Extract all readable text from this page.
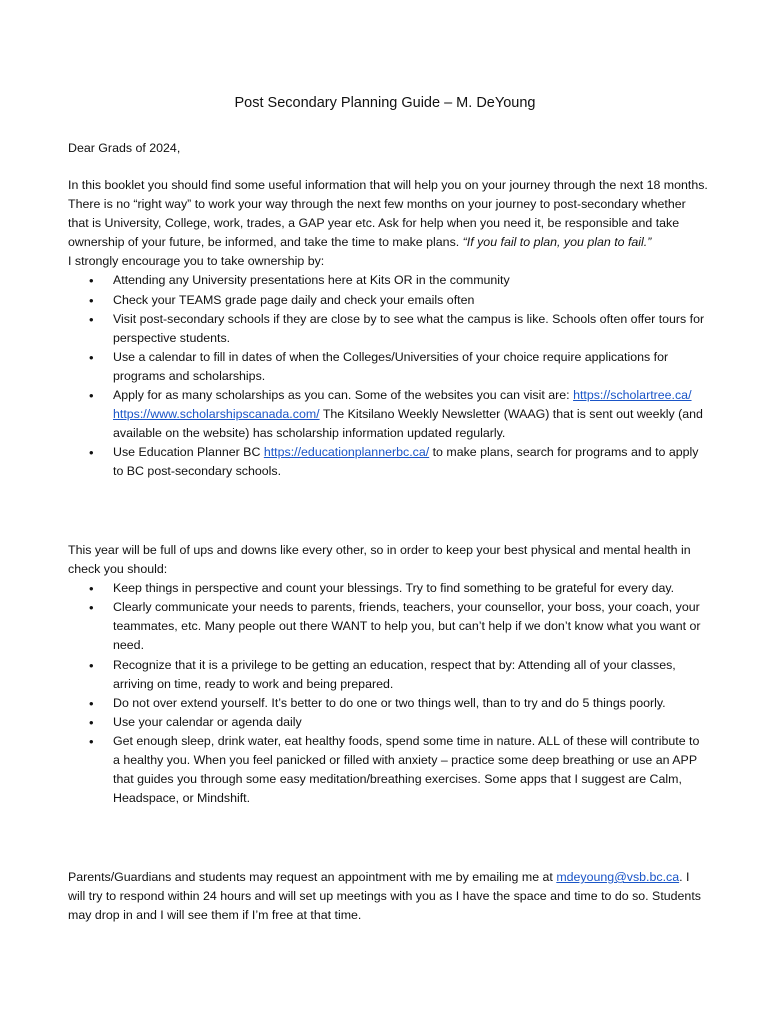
Post Secondary Planning Guide – M. DeYoung

Dear Grads of 2024,

In this booklet you should find some useful information that will help you on your journey through the next 18 months. There is no “right way” to work your way through the next few months on your journey to post-secondary whether that is University, College, work, trades, a GAP year etc. Ask for help when you need it, be responsible and take ownership of your future, be informed, and take the time to make plans. “If you fail to plan, you plan to fail.”

I strongly encourage you to take ownership by:

• Attending any University presentations here at Kits OR in the community
• Check your TEAMS grade page daily and check your emails often
• Visit post-secondary schools if they are close by to see what the campus is like. Schools often offer tours for perspective students.
• Use a calendar to fill in dates of when the Colleges/Universities of your choice require applications for programs and scholarships.
• Apply for as many scholarships as you can. Some of the websites you can visit are: https://scholartree.ca/https://www.scholarshipscanada.com/ The Kitsilano Weekly Newsletter (WAAG) that is sent out weekly (and available on the website) has scholarship information updated regularly.
• Use Education Planner BC https://educationplannerbc.ca/ to make plans, search for programs and to apply to BC post-secondary schools.

This year will be full of ups and downs like every other, so in order to keep your best physical and mental health in check you should:

• Keep things in perspective and count your blessings. Try to find something to be grateful for every day.
• Clearly communicate your needs to parents, friends, teachers, your counsellor, your boss, your coach, your teammates, etc. Many people out there WANT to help you, but can’t help if we don’t know what you want or need.
• Recognize that it is a privilege to be getting an education, respect that by: Attending all of your classes, arriving on time, ready to work and being prepared.
• Do not over extend yourself. It’s better to do one or two things well, than to try and do 5 things poorly.
• Use your calendar or agenda daily
• Get enough sleep, drink water, eat healthy foods, spend some time in nature. ALL of these will contribute to a healthy you. When you feel panicked or filled with anxiety – practice some deep breathing or use an APP that guides you through some easy meditation/breathing exercises. Some apps that I suggest are Calm, Headspace, or Mindshift.

Parents/Guardians and students may request an appointment with me by emailing me at mdeyoung@vsb.bc.ca. I will try to respond within 24 hours and will set up meetings with you as I have the space and time to do so. Students may drop in and I will see them if I’m free at that time.
